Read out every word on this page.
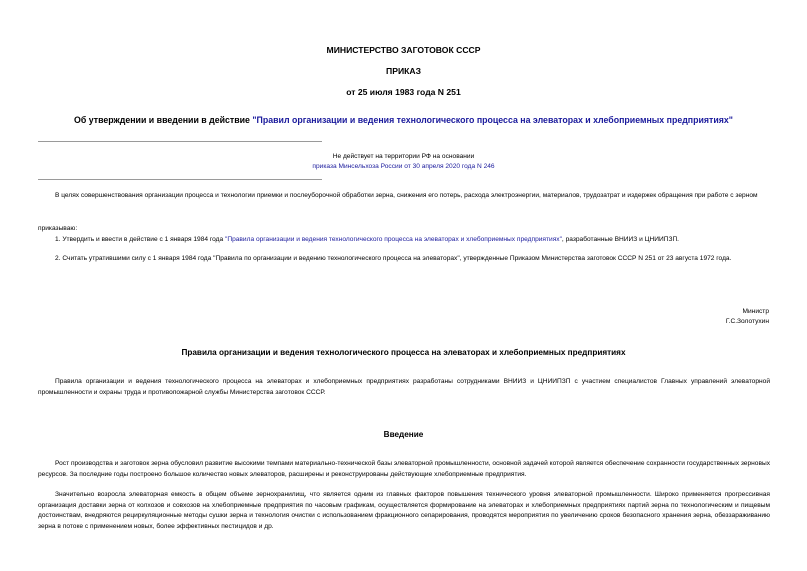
МИНИСТЕРСТВО ЗАГОТОВОК СССР
ПРИКАЗ
от 25 июля 1983 года N 251
Об утверждении и введении в действие "Правил организации и ведения технологического процесса на элеваторах и хлебоприемных предприятиях"
Не действует на территории РФ на основании
приказа Минсельхоза России от 30 апреля 2020 года N 246
В целях совершенствования организации процесса и технологии приемки и послеуборочной обработки зерна, снижения его потерь, расхода электроэнергии, материалов, трудозатрат и издержек обращения при работе с зерном
приказываю:
1. Утвердить и ввести в действие с 1 января 1984 года "Правила организации и ведения технологического процесса на элеваторах и хлебоприемных предприятиях", разработанные ВНИИЗ и ЦНИИПЗП.
2. Считать утратившими силу с 1 января 1984 года "Правила по организации и ведению технологического процесса на элеваторах", утвержденные Приказом Министерства заготовок СССР N 251 от 23 августа 1972 года.
Министр
Г.С.Золотухин
Правила организации и ведения технологического процесса на элеваторах и хлебоприемных предприятиях
Правила организации и ведения технологического процесса на элеваторах и хлебоприемных предприятиях разработаны сотрудниками ВНИИЗ и ЦНИИПЗП с участием специалистов Главных управлений элеваторной промышленности и охраны труда и противопожарной службы Министерства заготовок СССР.
Введение
Рост производства и заготовок зерна обусловил развитие высокими темпами материально-технической базы элеваторной промышленности, основной задачей которой является обеспечение сохранности государственных зерновых ресурсов. За последние годы построено большое количество новых элеваторов, расширены и реконструированы действующие хлебоприемные предприятия.
Значительно возросла элеваторная емкость в общем объеме зернохранилищ, что является одним из главных факторов повышения технического уровня элеваторной промышленности. Широко применяется прогрессивная организация доставки зерна от колхозов и совхозов на хлебоприемные предприятия по часовым графикам, осуществляется формирование на элеваторах и хлебоприемных предприятиях партий зерна по технологическим и пищевым достоинствам, внедряются рециркуляционные методы сушки зерна и технология очистки с использованием фракционного сепарирования, проводятся мероприятия по увеличению сроков безопасного хранения зерна, обеззараживанию зерна в потоке с применением новых, более эффективных пестицидов и др.
